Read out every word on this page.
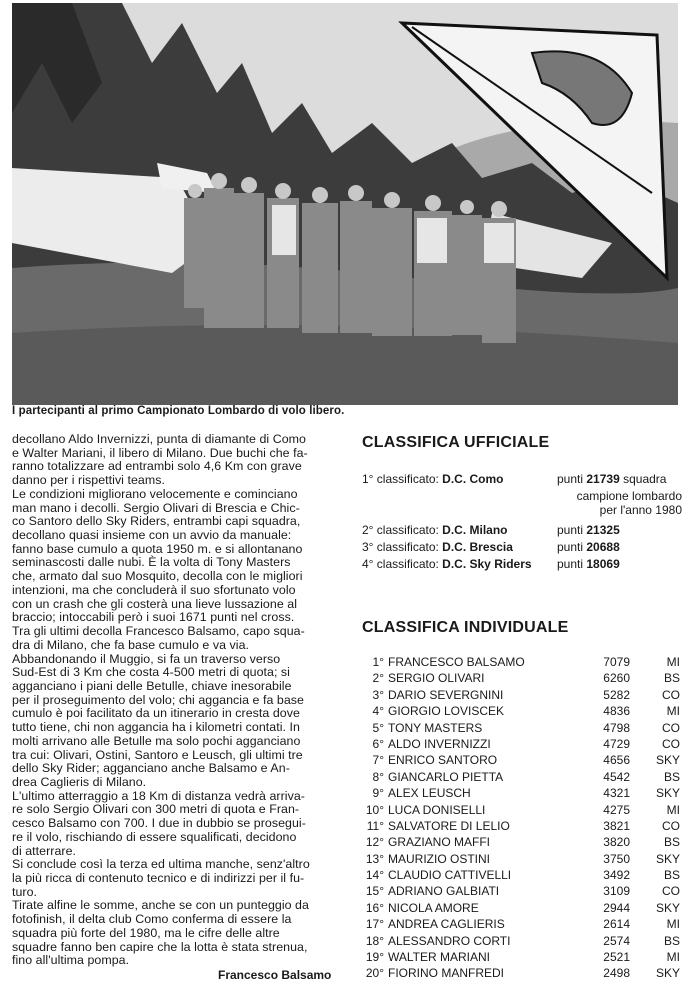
I partecipanti al primo Campionato Lombardo di volo libero.

decollano Aldo Invernizzi, punta di diamante di Como
e Walter Mariani, il libero di Milano. Due buchi che fa-
ranno totalizzare ad entrambi solo 4,6 Km con grave
danno per i rispettivi teams.

Le condizioni migliorano velocemente e cominciano
man mano i decolli. Sergio Olivari di Brescia e Chic-
co Santoro dello Sky Riders, entrambi capi squadra,
decollano quasi insieme con un avvio da manuale:
fanno base cumulo a quota 1950 m. e si allontanano
seminascosti dalle nubi. È la volta di Tony Masters
che, armato dal suo Mosquito, decolla con le migliori
intenzioni, ma che concluderà il suo sfortunato volo
con un crash che gli costerà una lieve lussazione al
braccio; intoccabili però i suoi 1671 punti nel cross.
Tra gli ultimi decolla Francesco Balsamo, capo squa-
dra di Milano, che fa base cumulo e va via.

Abbandonando il Muggio, si fa un traverso verso
Sud-Est di 3 Km che costa 4-500 metri di quota; si
agganciano i piani delle Betulle, chiave inesorabile
per il proseguimento del volo; chi aggancia e fa base
cumulo è poi facilitato da un itinerario in cresta dove
tutto tiene, chi non aggancia ha i kilometri contati. In
molti arrivano alle Betulle ma solo pochi agganciano
tra cui: Olivari, Ostini, Santoro e Leusch, gli ultimi tre
dello Sky Rider; agganciano anche Balsamo e An-
drea Caglieris di Milano.

L'ultimo atterraggio a 18 Km di distanza vedrà arriva-
re solo Sergio Olivari con 300 metri di quota e Fran-
cesco Balsamo con 700. I due in dubbio se prosegui-
re il volo, rischiando di essere squalificati, decidono
di atterrare.

Si conclude così la terza ed ultima manche, senz'altro
la più ricca di contenuto tecnico e di indirizzi per il fu-
turo.

Tirate alfine le somme, anche se con un punteggio da
fotofinish, il delta club Como conferma di essere la
squadra più forte del 1980, ma le cifre delle altre
squadre fanno ben capire che la lotta è stata strenua,
fino all'ultima pompa.

Francesco Balsamo
CLASSIFICA UFFICIALE
1° classificato: D.C. Como	punti 21739 squadra
campione lombardo
per l'anno 1980
2° classificato: D.C. Milano	punti 21325
3° classificato: D.C. Brescia	punti 20688
4° classificato: D.C. Sky Riders punti 18069
CLASSIFICA INDIVIDUALE
1° FRANCESCO BALSAMO	7079	MI
2° SERGIO OLIVARI	6260	BS
3° DARIO SEVERGNINI	5282	CO
4° GIORGIO LOVISCEK	4836	MI
5° TONY MASTERS	4798	CO
6° ALDO INVERNIZZI	4729	CO
7° ENRICO SANTORO	4656 SKY
8° GIANCARLO PIETTA	4542	BS
9° ALEX LEUSCH	4321 SKY
10° LUCA DONISELLI	4275	MI
11° SALVATORE DI LELIO	3821	CO
12° GRAZIANO MAFFI	3820	BS
13° MAURIZIO OSTINI	3750 SKY
14° CLAUDIO CATTIVELLI	3492	BS
15° ADRIANO GALBIATI	3109	CO
16° NICOLA AMORE	2944 SKY
17° ANDREA CAGLIERIS	2614	MI
18° ALESSANDRO CORTI	2574	BS
19° WALTER MARIANI	2521	MI
20° FIORINO MANFREDI	2498 SKY
